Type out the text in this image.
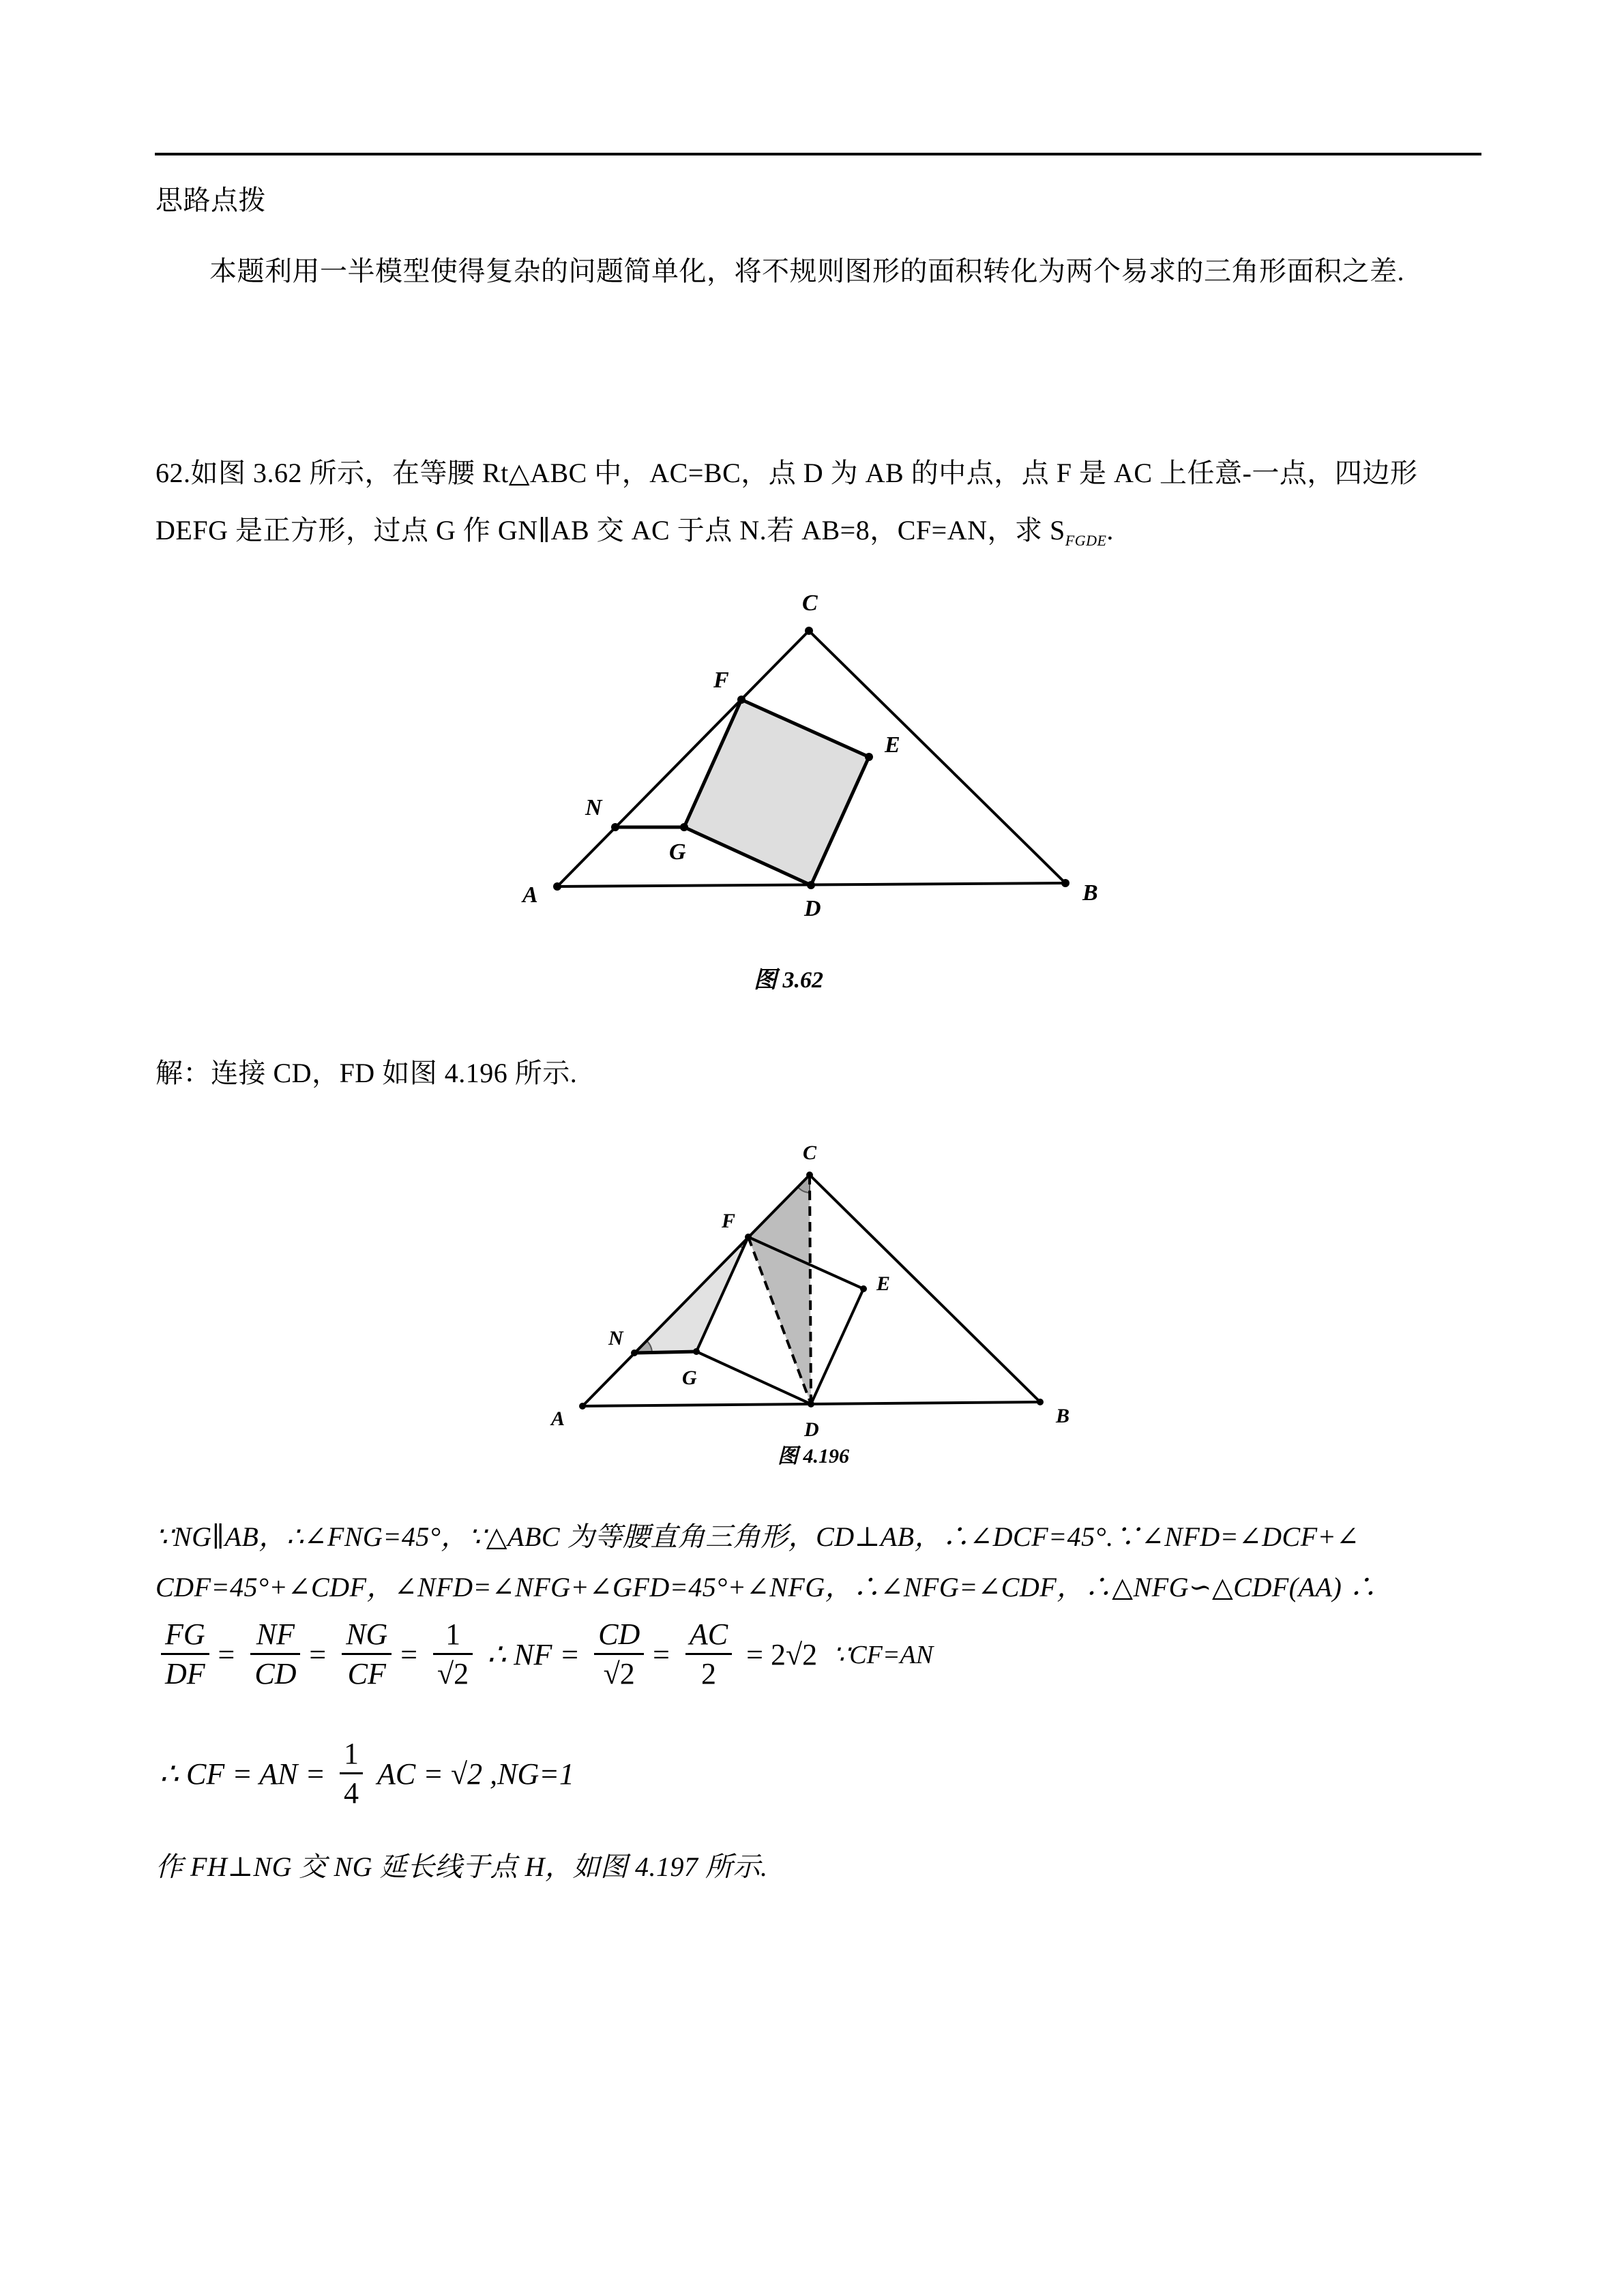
思路点拨
本题利用一半模型使得复杂的问题简单化，将不规则图形的面积转化为两个易求的三角形面积之差.
62.如图 3.62 所示，在等腰 Rt△ABC 中，AC=BC，点 D 为 AB 的中点，点 F 是 AC 上任意-一点，四边形
DEFG 是正方形，过点 G 作 GN∥AB 交 AC 于点 N.若 AB=8，CF=AN，求 $S_{FGDE}$.
C
F
E
N
G
A
D
B
图 3.62
解：连接 CD，FD 如图 4.196 所示.
C
F
E
N
G
A	D
B
图 4.196
∵NG∥AB，∴∠FNG=45°，∵△ABC 为等腰直角三角形，CD⊥AB，∴∠DCF=45°.∵∠NFD=∠DCF+∠
CDF=45°+∠CDF，∠NFD=∠NFG+∠GFD=45°+∠NFG，∴∠NFG=∠CDF，∴△NFG∽△CDF(AA) ∴
$\frac{FG}{DF} = \frac{NF}{CD} = \frac{NG}{CF} = \frac{1}{√2}$ ∴ NF = $\frac{CD}{√2} = \frac{AC}{2} = 2√2$ ∵CF=AN
∴ CF = AN = $\frac{1}{4}$ AC = √2 ,NG=1
作 FH⊥NG 交 NG 延长线于点 H，如图 4.197 所示.
